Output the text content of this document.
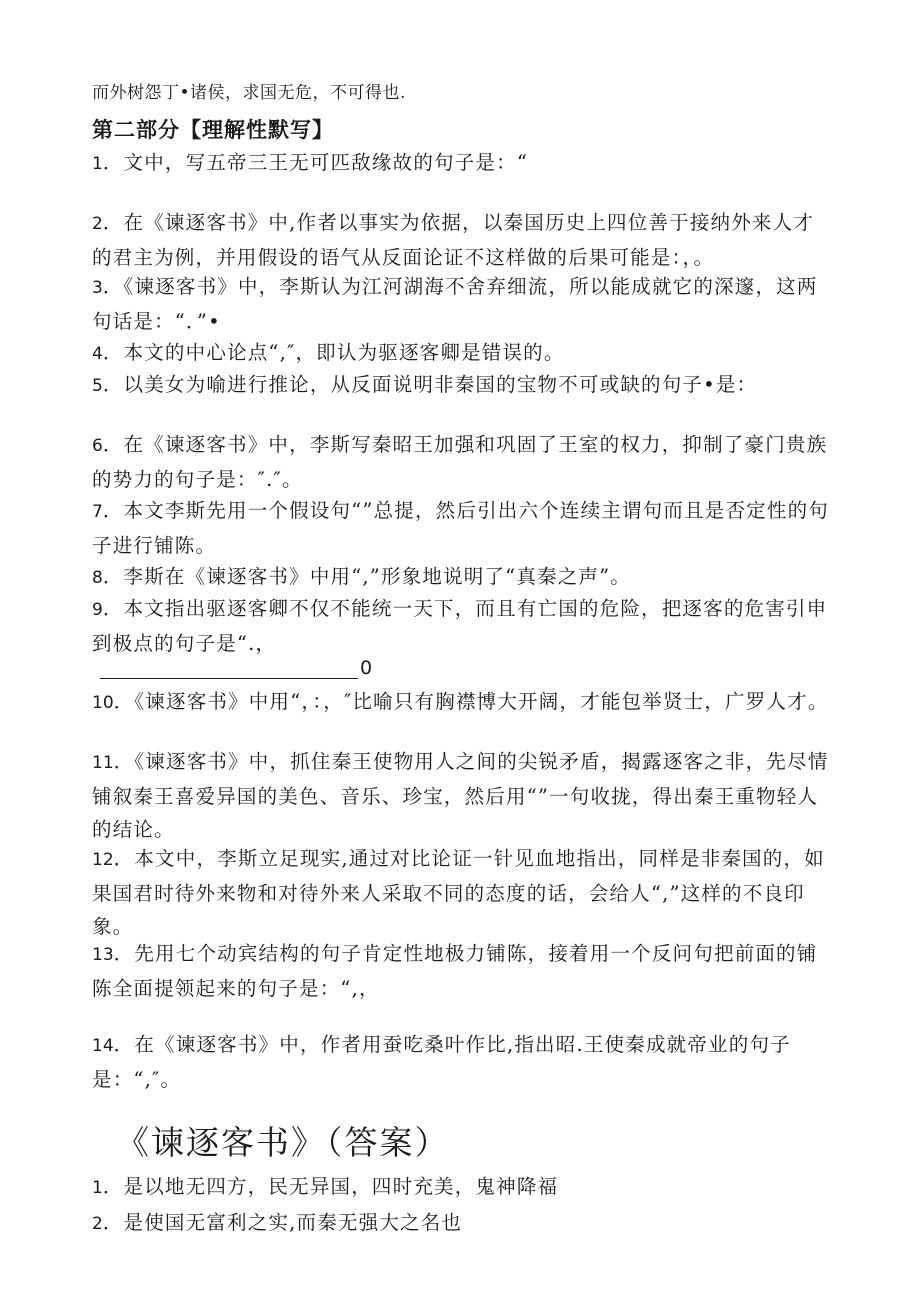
而外树怨丁•诸侯，求国无危，不可得也.
第二部分【理解性默写】
1．文中，写五帝三王无可匹敌缘故的句子是：“
2．在《谏逐客书》中,作者以事实为依据，以秦国历史上四位善于接纳外来人才的君主为例，并用假设的语气从反面论证不这样做的后果可能是：，。
3．《谏逐客书》中，李斯认为江河湖海不舍弃细流，所以能成就它的深邃，这两句话是：“．”•
4．本文的中心论点“,″，即认为驱逐客卿是错误的。
5．以美女为喻进行推论，从反面说明非秦国的宝物不可或缺的句子•是：
6．在《谏逐客书》中，李斯写秦昭王加强和巩固了王室的权力，抑制了豪门贵族的势力的句子是：″.″。
7．本文李斯先用一个假设句“”总提，然后引出六个连续主谓句而且是否定性的句子进行铺陈。
8．李斯在《谏逐客书》中用“,”形象地说明了“真秦之声”。
9．本文指出驱逐客卿不仅不能统一天下，而且有亡国的危险，把逐客的危害引申到极点的句子是“.，
0
10．《谏逐客书》中用“，：，″比喻只有胸襟博大开阔，才能包举贤士，广罗人才。
11．《谏逐客书》中，抓住秦王使物用人之间的尖锐矛盾，揭露逐客之非，先尽情铺叙秦王喜爱异国的美色、音乐、珍宝，然后用“”一句收拢，得出秦王重物轻人的结论。
12．本文中，李斯立足现实,通过对比论证一针见血地指出，同样是非秦国的，如果国君时待外来物和对待外来人采取不同的态度的话，会给人“,”这样的不良印象。
13．先用七个动宾结构的句子肯定性地极力铺陈，接着用一个反问句把前面的铺陈全面提领起来的句子是：“,，
14．在《谏逐客书》中，作者用蚕吃桑叶作比,指出昭.王使秦成就帝业的句子是：“,″。
《谏逐客书》（答案）
1．是以地无四方，民无异国，四时充美，鬼神降福
2．是使国无富利之实,而秦无强大之名也
